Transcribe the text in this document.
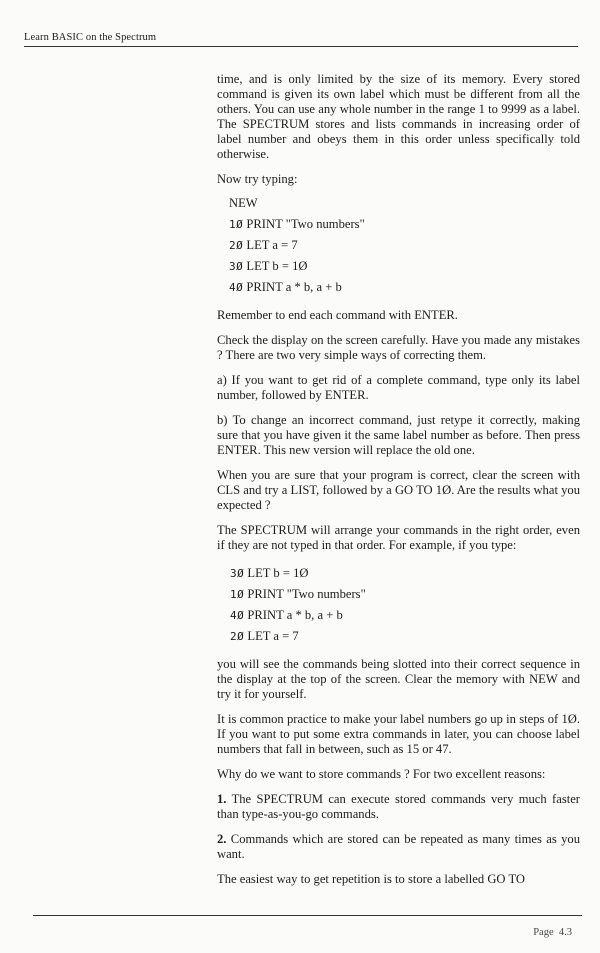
Learn BASIC on the Spectrum

time, and is only limited by the size of its memory. Every stored command is given its own label which must be different from all the others. You can use any whole number in the range 1 to 9999 as a label. The SPECTRUM stores and lists commands in increasing order of label number and obeys them in this order unless specifically told otherwise.

Now try typing:

NEW
1Ø PRINT "Two numbers"
2Ø LET a = 7
3Ø LET b = 1Ø
4Ø PRINT a * b, a + b

Remember to end each command with ENTER.

Check the display on the screen carefully. Have you made any mistakes ? There are two very simple ways of correcting them.

a) If you want to get rid of a complete command, type only its label number, followed by ENTER.

b) To change an incorrect command, just retype it correctly, making sure that you have given it the same label number as before. Then press ENTER. This new version will replace the old one.

When you are sure that your program is correct, clear the screen with CLS and try a LIST, followed by a GO TO 1Ø. Are the results what you expected ?

The SPECTRUM will arrange your commands in the right order, even if they are not typed in that order. For example, if you type:

3Ø LET b = 1Ø
1Ø PRINT "Two numbers"
4Ø PRINT a * b, a + b
2Ø LET a = 7

you will see the commands being slotted into their correct sequence in the display at the top of the screen. Clear the memory with NEW and try it for yourself.

It is common practice to make your label numbers go up in steps of 1Ø. If you want to put some extra commands in later, you can choose label numbers that fall in between, such as 15 or 47.

Why do we want to store commands ? For two excellent reasons:

1. The SPECTRUM can execute stored commands very much faster than type-as-you-go commands.

2. Commands which are stored can be repeated as many times as you want.

The easiest way to get repetition is to store a labelled GO TO

Page 4.3
